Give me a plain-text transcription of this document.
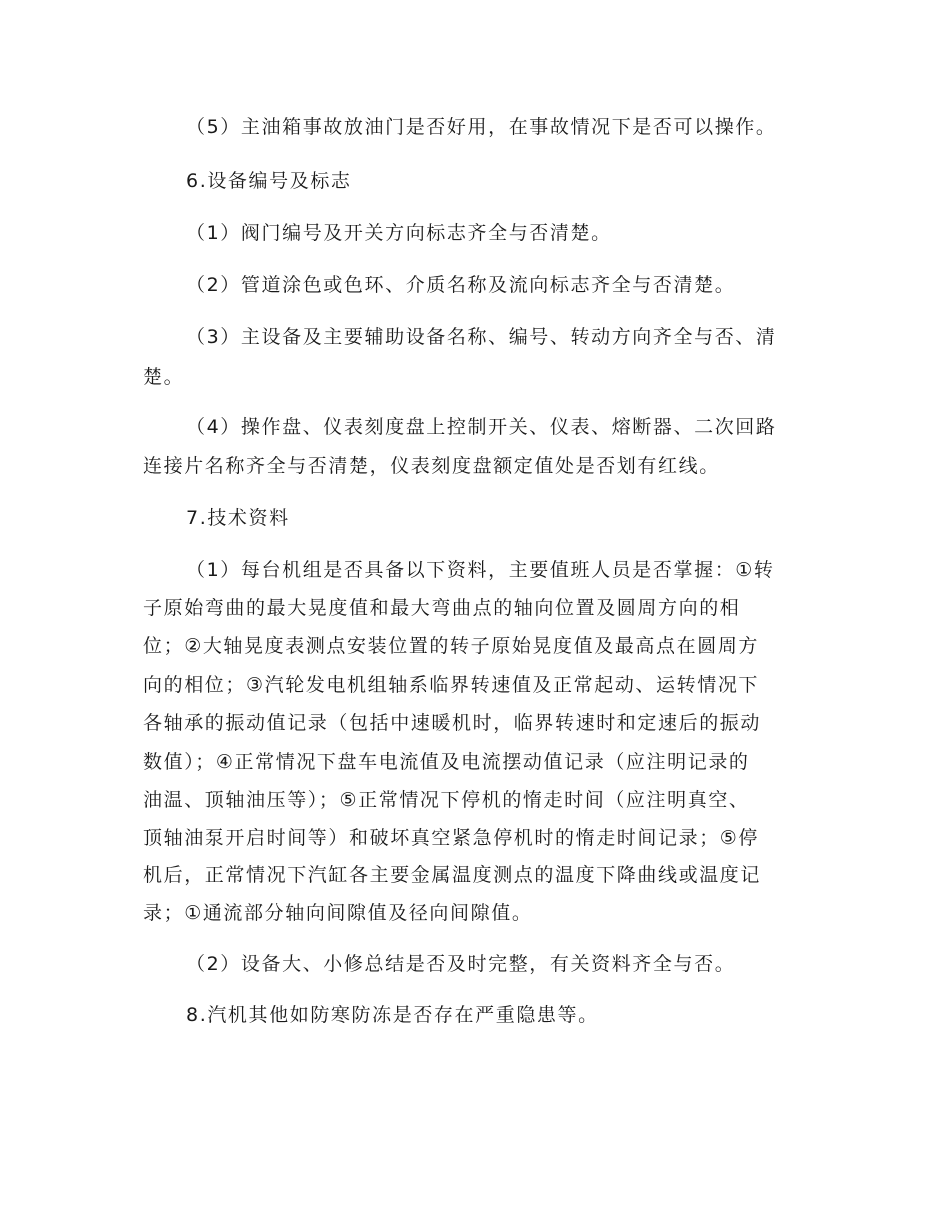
（5）主油箱事故放油门是否好用，在事故情况下是否可以操作。
6.设备编号及标志
（1）阀门编号及开关方向标志齐全与否清楚。
（2）管道涂色或色环、介质名称及流向标志齐全与否清楚。
（3）主设备及主要辅助设备名称、编号、转动方向齐全与否、清
楚。
（4）操作盘、仪表刻度盘上控制开关、仪表、熔断器、二次回路
连接片名称齐全与否清楚，仪表刻度盘额定值处是否划有红线。
7.技术资料
（1）每台机组是否具备以下资料，主要值班人员是否掌握：①转
子原始弯曲的最大晃度值和最大弯曲点的轴向位置及圆周方向的相
位；②大轴晃度表测点安装位置的转子原始晃度值及最高点在圆周方
向的相位；③汽轮发电机组轴系临界转速值及正常起动、运转情况下
各轴承的振动值记录（包括中速暖机时，临界转速时和定速后的振动
数值）；④正常情况下盘车电流值及电流摆动值记录（应注明记录的
油温、顶轴油压等）；⑤正常情况下停机的惰走时间（应注明真空、
顶轴油泵开启时间等）和破坏真空紧急停机时的惰走时间记录；⑤停
机后，正常情况下汽缸各主要金属温度测点的温度下降曲线或温度记
录；①通流部分轴向间隙值及径向间隙值。
（2）设备大、小修总结是否及时完整，有关资料齐全与否。
8.汽机其他如防寒防冻是否存在严重隐患等。
